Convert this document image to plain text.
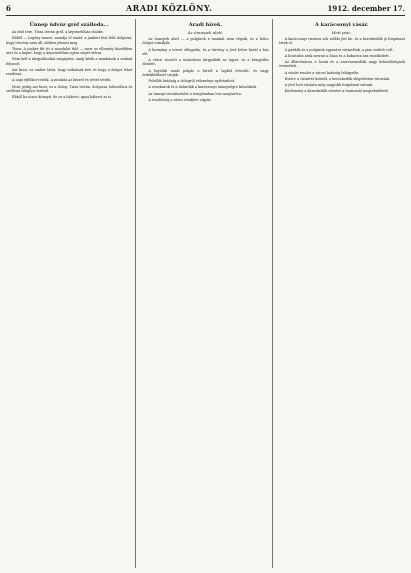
6	ARADI KÖZLÖNY.	1912. december 17.
Ünnep üdvöz gróf szálloda...

Az első tere. Tisza István gróf, a képviselőház elnöke.

Ebből — Legény ismeri, mondja el ismét: a junkeri füst föld dolgozni, hogy törvény nem áll, időben jelenni meg.

Tisza: A junker fűt itt a mozdulat felé — mert az ellenség közelében utat és a kaput, hogy a képviselőház egész népét elérni.

Nem kell a tárgyalásokat megnyitni, amíg kérik a munkások a szabad folyosót.

Azt hiszi, az ember látta, hogy tudnának fele és hogy a dolgot lehet rendezni.

A napi éjfélkor tették. A munkát az kézzel és tettel tették.

Most pedig azt hiszi, ez a dolog: Tisza István, dolgozni, háborúhoz és szellemi világhoz fordult.

Ebből ha nincs könnyű, de ez a háború, igazi háború az is.

Aradi hírek.
Az ünnepek alatt.

Az ünnepek alatt — a polgárok a munkát nem végzik, és a bölcs dolgot csinálják.

A kormány a tervet elfogadta, és a törvény a jövő hétre kerül a ház elé.

A város vezetői a tanácsban tárgyalták az ügyet, és a közgyűlés döntött.

A legtöbb aradi polgár a hírről a lapból értesült, és nagy érdeklődéssel várják.

Felsőbb hatóság a dologról véleményt nyilvánított.

A zenekarok és a dalárdák a karácsonyi ünnepségre készülnek.

Az ünnepi istentisztelet a templomban lesz megtartva.

A rendőrség a város rendjére vigyáz.

A karácsonyi vásár.
Heti piac.

A karácsonyi vásárra sok vidéki jött be, és a kereskedők jó forgalmat értek el.

A gazdák és a polgárok egyaránt vásároltak, a piac zsúfolt volt.

A hivatalos árak szerint a búza és a kukorica ára emelkedett.

Az állatvásáron a lovak és a szarvasmarhák nagy kelendőségnek örvendtek.

A vásári rendet a városi hatóság felügyelte.

Estére a vásártér kiürült, a kereskedők elégedetten távoztak.

A jövő heti vásárra még nagyobb forgalmat várnak.

Közlemény a kereskedők részére a tanácsnál megtekinthető.
